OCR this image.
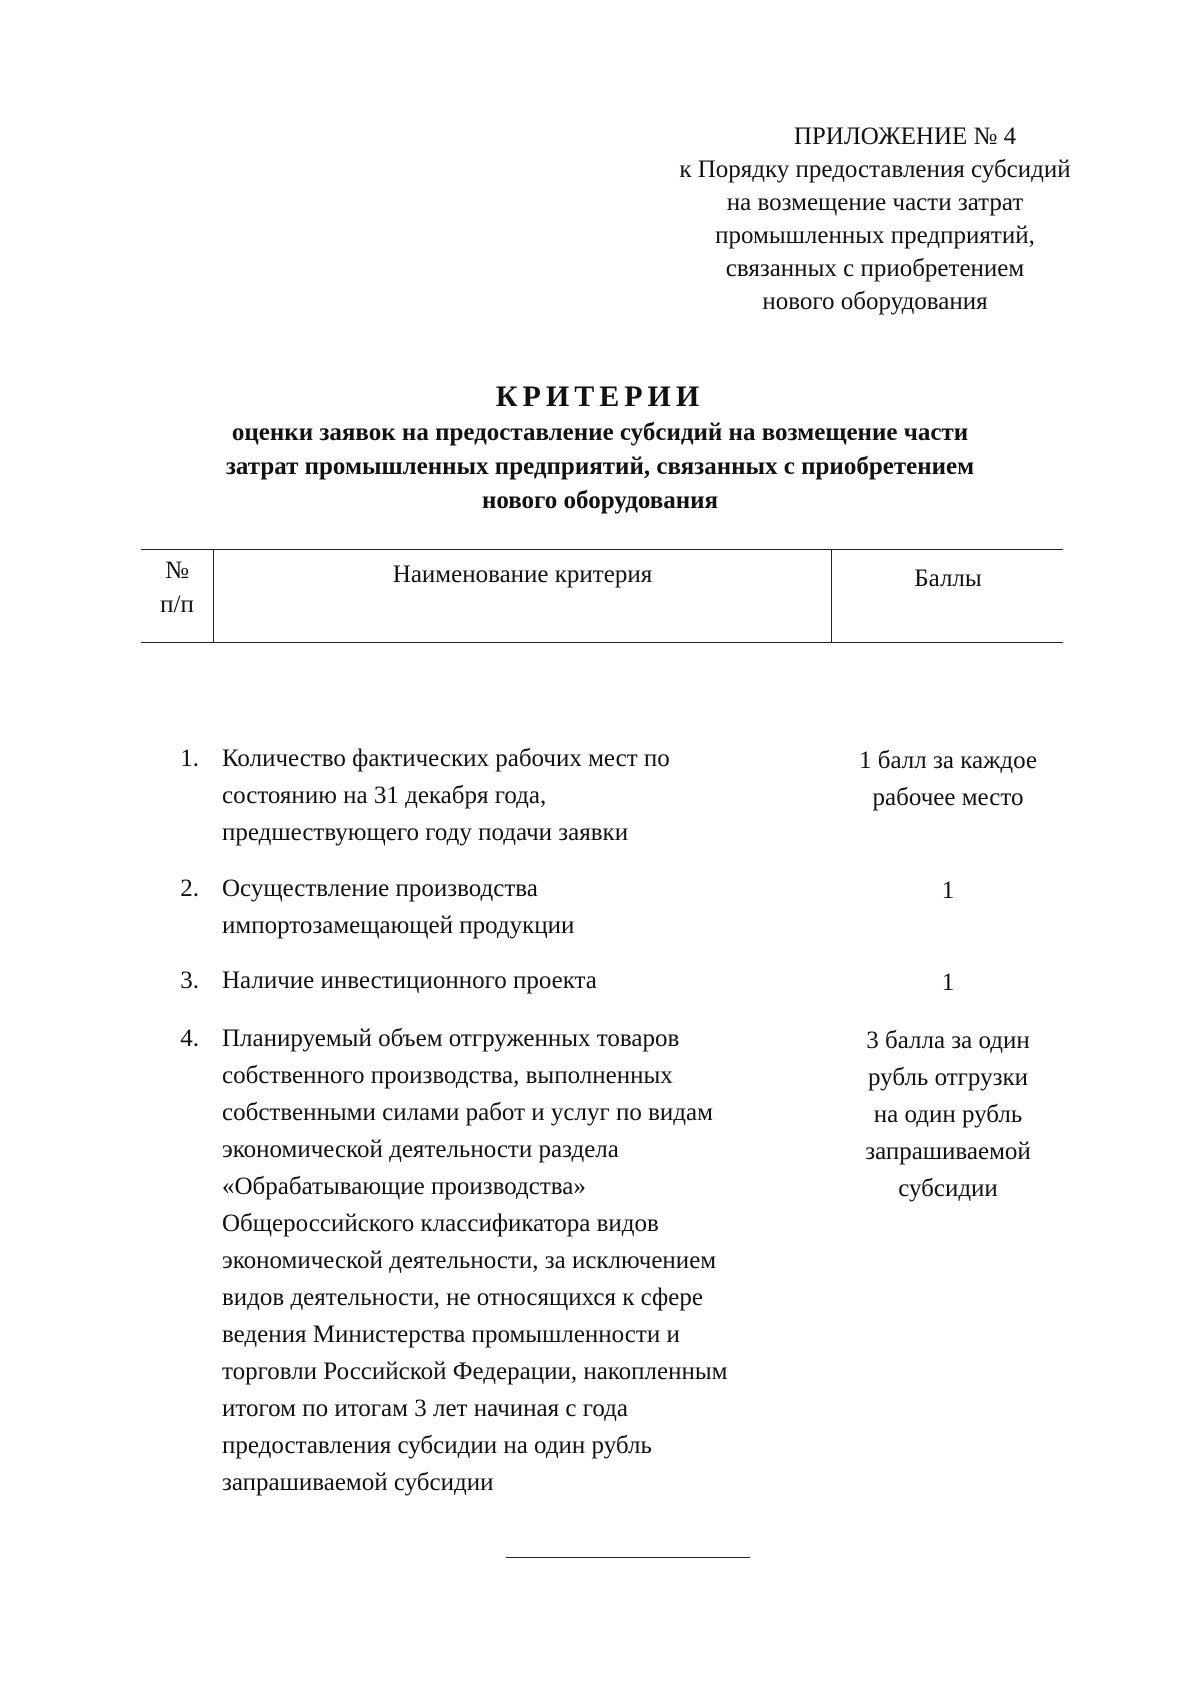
ПРИЛОЖЕНИЕ № 4
к Порядку предоставления субсидий
на возмещение части затрат
промышленных предприятий,
связанных с приобретением
нового оборудования
КРИТЕРИИ
оценки заявок на предоставление субсидий на возмещение части
затрат промышленных предприятий, связанных с приобретением
нового оборудования
№
п/п
Наименование критерия	Баллы
1. Количество фактических рабочих мест по
состоянию на 31 декабря года,
предшествующего году подачи заявки
1 балл за каждое
рабочее место
2. Осуществление производства
импортозамещающей продукции
1
3. Наличие инвестиционного проекта	1
4. Планируемый объем отгруженных товаров
собственного производства, выполненных
собственными силами работ и услуг по видам
экономической деятельности раздела
«Обрабатывающие производства»
Общероссийского классификатора видов
экономической деятельности, за исключением
видов деятельности, не относящихся к сфере
ведения Министерства промышленности и
торговли Российской Федерации, накопленным
итогом по итогам 3 лет начиная с года
предоставления субсидии на один рубль
запрашиваемой субсидии
3 балла за один
рубль отгрузки
на один рубль
запрашиваемой
субсидии
